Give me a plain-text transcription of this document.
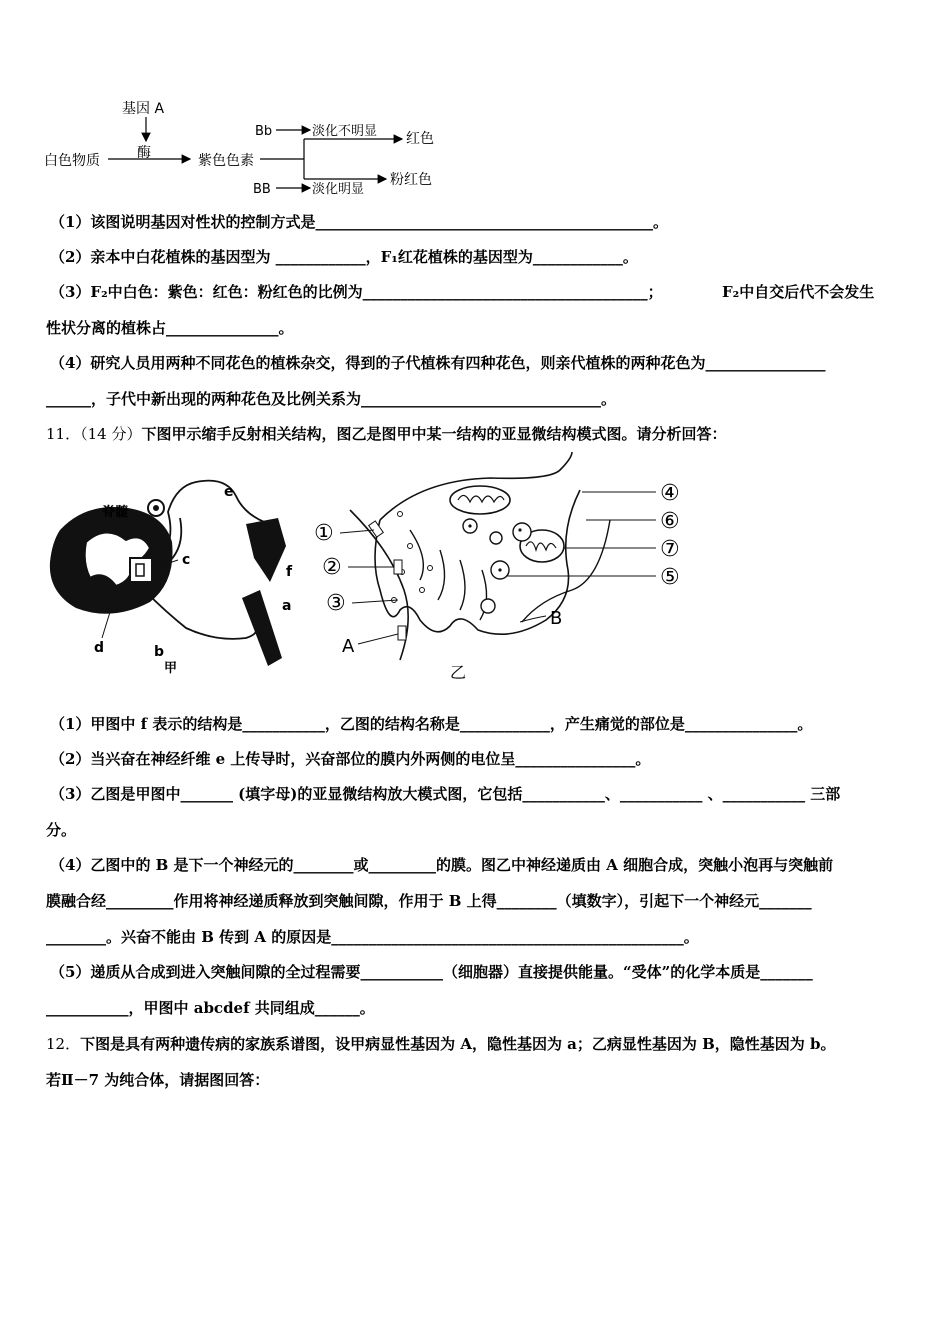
基因 A
酶
白色物质	紫色色素
Bb	淡化不明显 红色
BB	淡化明显
粉红色
（1）该图说明基因对性状的控制方式是_____________________________________________。
（2）亲本中白花植株的基因型为 ____________，F₁红花植株的基因型为____________。
（3）F₂中白色：紫色：红色：粉红色的比例为______________________________________；	F₂中自交后代不会发生
性状分离的植株占_______________。
（4）研究人员用两种不同花色的植株杂交，得到的子代植株有四种花色，则亲代植株的两种花色为________________
______，子代中新出现的两种花色及比例关系为________________________________。
11．（14 分）下图甲示缩手反射相关结构，图乙是图甲中某一结构的亚显微结构模式图。请分析回答：
脊髓
e
f
c
a
b
d
甲
①
②
③
A
乙
④
⑥
⑦
⑤
B
（1）甲图中 f 表示的结构是___________，乙图的结构名称是____________，产生痛觉的部位是_______________。
（2）当兴奋在神经纤维 e 上传导时，兴奋部位的膜内外两侧的电位呈________________。
（3）乙图是甲图中_______ (填字母)的亚显微结构放大模式图，它包括___________、___________ 、___________ 三部
分。
（4）乙图中的 B 是下一个神经元的________或_________的膜。图乙中神经递质由 A 细胞合成，突触小泡再与突触前
膜融合经_________作用将神经递质释放到突触间隙，作用于 B 上得________（填数字），引起下一个神经元_______
________。兴奋不能由 B 传到 A 的原因是_______________________________________________。
（5）递质从合成到进入突触间隙的全过程需要___________（细胞器）直接提供能量。“受体”的化学本质是_______
___________，甲图中 abcdef 共同组成______。
12．下图是具有两种遗传病的家族系谱图，设甲病显性基因为 A，隐性基因为 a；乙病显性基因为 B，隐性基因为 b。
若Ⅱ－7 为纯合体，请据图回答：
